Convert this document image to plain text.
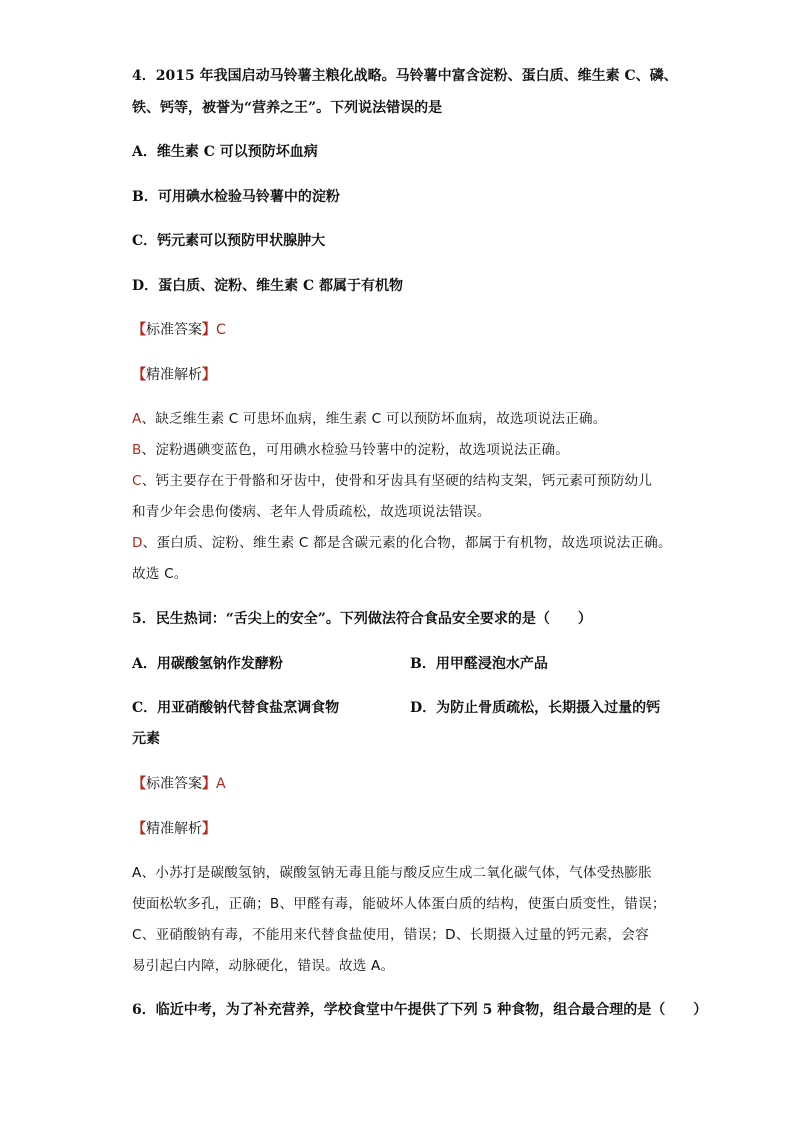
4．2015 年我国启动马铃薯主粮化战略。马铃薯中富含淀粉、蛋白质、维生素 C、磷、
铁、钙等，被誉为“营养之王”。下列说法错误的是
A．维生素 C 可以预防坏血病
B．可用碘水检验马铃薯中的淀粉
C．钙元素可以预防甲状腺肿大
D．蛋白质、淀粉、维生素 C 都属于有机物
【标准答案】C
【精准解析】
A、缺乏维生素 C 可患坏血病，维生素 C 可以预防坏血病，故选项说法正确。
B、淀粉遇碘变蓝色，可用碘水检验马铃薯中的淀粉，故选项说法正确。
C、钙主要存在于骨骼和牙齿中，使骨和牙齿具有坚硬的结构支架，钙元素可预防幼儿
和青少年会患佝偻病、老年人骨质疏松，故选项说法错误。
D、蛋白质、淀粉、维生素 C 都是含碳元素的化合物，都属于有机物，故选项说法正确。
故选 C。
5．民生热词：“舌尖上的安全”。下列做法符合食品安全要求的是（　　）
A．用碳酸氢钠作发酵粉	B．用甲醛浸泡水产品
C．用亚硝酸钠代替食盐烹调食物	D．为防止骨质疏松，长期摄入过量的钙
元素
【标准答案】A
【精准解析】
A、小苏打是碳酸氢钠，碳酸氢钠无毒且能与酸反应生成二氧化碳气体，气体受热膨胀
使面松软多孔，正确；B、甲醛有毒，能破坏人体蛋白质的结构，使蛋白质变性，错误；
C、亚硝酸钠有毒，不能用来代替食盐使用，错误；D、长期摄入过量的钙元素，会容
易引起白内障，动脉硬化，错误。故选 A。
6．临近中考，为了补充营养，学校食堂中午提供了下列 5 种食物，组合最合理的是（　　）
